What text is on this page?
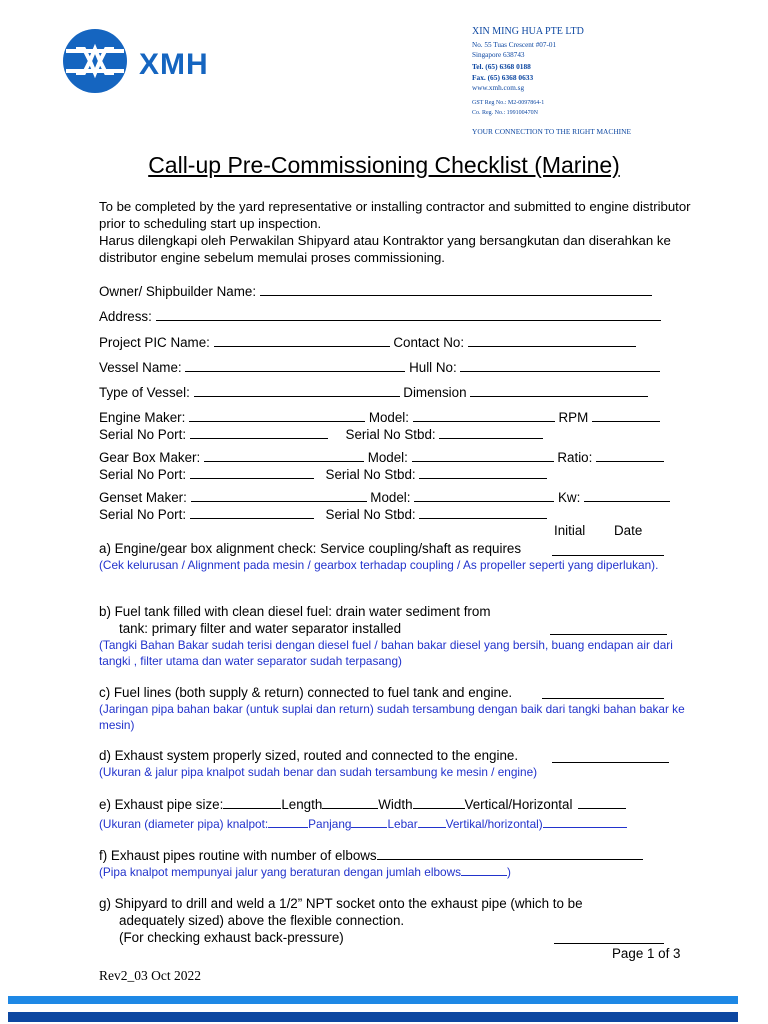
XMH
XIN MING HUA PTE LTD
No. 55 Tuas Crescent #07-01
Singapore 638743
Tel. (65) 6368 0188
Fax. (65) 6368 0633
www.xmh.com.sg
GST Reg No.: M2-0097864-1
Co. Reg. No.: 199100470N
YOUR CONNECTION TO THE RIGHT MACHINE
Call-up Pre-Commissioning Checklist (Marine)
To be completed by the yard representative or installing contractor and submitted to engine distributor prior to scheduling start up inspection.
Harus dilengkapi oleh Perwakilan Shipyard atau Kontraktor yang bersangkutan dan diserahkan ke distributor engine sebelum memulai proses commissioning.
Owner/ Shipbuilder Name:
Address:
Project PIC Name:	Contact No:
Vessel Name:	Hull No:
Type of Vessel:	Dimension
Engine Maker:	Model:	RPM
Serial No Port:	Serial No Stbd:
Gear Box Maker:	Model:	Ratio:
Serial No Port:	Serial No Stbd:
Genset Maker:	Model:	Kw:
Serial No Port:	Serial No Stbd:
Initial Date
a) Engine/gear box alignment check: Service coupling/shaft as requires
(Cek kelurusan / Alignment pada mesin / gearbox terhadap coupling / As propeller seperti yang diperlukan).
b) Fuel tank filled with clean diesel fuel: drain water sediment from
tank: primary filter and water separator installed
(Tangki Bahan Bakar sudah terisi dengan diesel fuel / bahan bakar diesel yang bersih, buang endapan air dari tangki , filter utama dan water separator sudah terpasang)
c) Fuel lines (both supply & return) connected to fuel tank and engine.
(Jaringan pipa bahan bakar (untuk suplai dan return) sudah tersambung dengan baik dari tangki bahan bakar ke mesin)
d) Exhaust system properly sized, routed and connected to the engine.
(Ukuran & jalur pipa knalpot sudah benar dan sudah tersambung ke mesin / engine)
e) Exhaust pipe size:	Length	Width	Vertical/Horizontal
(Ukuran (diameter pipa) knalpot:	Panjang	Lebar Vertikal/horizontal)
f) Exhaust pipes routine with number of elbows
(Pipa knalpot mempunyai jalur yang beraturan dengan jumlah elbows	)
g) Shipyard to drill and weld a 1/2” NPT socket onto the exhaust pipe (which to be
adequately sized) above the flexible connection.
(For checking exhaust back-pressure)
Page 1 of 3
Rev2_03 Oct 2022
